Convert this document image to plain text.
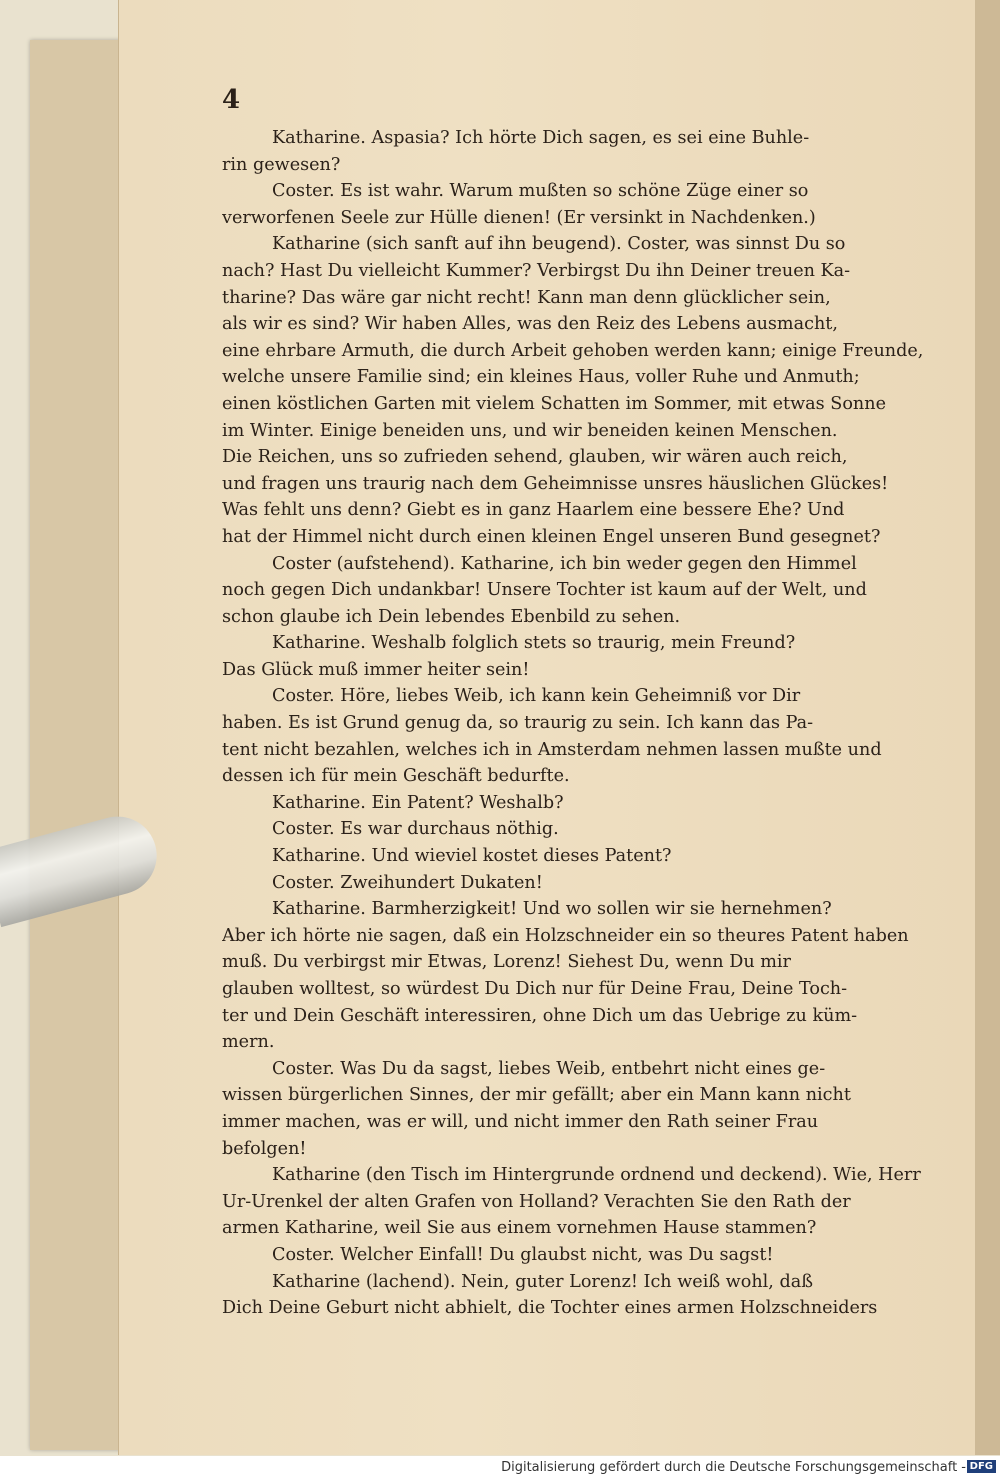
4
Katharine. Aspasia? Ich hörte Dich sagen, es sei eine Buhle-
rin gewesen?
Coster. Es ist wahr. Warum mußten so schöne Züge einer so
verworfenen Seele zur Hülle dienen! (Er versinkt in Nachdenken.)
Katharine (sich sanft auf ihn beugend). Coster, was sinnst Du so
nach? Hast Du vielleicht Kummer? Verbirgst Du ihn Deiner treuen Ka-
tharine? Das wäre gar nicht recht! Kann man denn glücklicher sein,
als wir es sind? Wir haben Alles, was den Reiz des Lebens ausmacht,
eine ehrbare Armuth, die durch Arbeit gehoben werden kann; einige Freunde,
welche unsere Familie sind; ein kleines Haus, voller Ruhe und Anmuth;
einen köstlichen Garten mit vielem Schatten im Sommer, mit etwas Sonne
im Winter. Einige beneiden uns, und wir beneiden keinen Menschen.
Die Reichen, uns so zufrieden sehend, glauben, wir wären auch reich,
und fragen uns traurig nach dem Geheimnisse unsres häuslichen Glückes!
Was fehlt uns denn? Giebt es in ganz Haarlem eine bessere Ehe? Und
hat der Himmel nicht durch einen kleinen Engel unseren Bund gesegnet?
Coster (aufstehend). Katharine, ich bin weder gegen den Himmel
noch gegen Dich undankbar! Unsere Tochter ist kaum auf der Welt, und
schon glaube ich Dein lebendes Ebenbild zu sehen.
Katharine. Weshalb folglich stets so traurig, mein Freund?
Das Glück muß immer heiter sein!
Coster. Höre, liebes Weib, ich kann kein Geheimniß vor Dir
haben. Es ist Grund genug da, so traurig zu sein. Ich kann das Pa-
tent nicht bezahlen, welches ich in Amsterdam nehmen lassen mußte und
dessen ich für mein Geschäft bedurfte.
Katharine. Ein Patent? Weshalb?
Coster. Es war durchaus nöthig.
Katharine. Und wieviel kostet dieses Patent?
Coster. Zweihundert Dukaten!
Katharine. Barmherzigkeit! Und wo sollen wir sie hernehmen?
Aber ich hörte nie sagen, daß ein Holzschneider ein so theures Patent haben
muß. Du verbirgst mir Etwas, Lorenz! Siehest Du, wenn Du mir
glauben wolltest, so würdest Du Dich nur für Deine Frau, Deine Toch-
ter und Dein Geschäft interessiren, ohne Dich um das Uebrige zu küm-
mern.
Coster. Was Du da sagst, liebes Weib, entbehrt nicht eines ge-
wissen bürgerlichen Sinnes, der mir gefällt; aber ein Mann kann nicht
immer machen, was er will, und nicht immer den Rath seiner Frau
befolgen!
Katharine (den Tisch im Hintergrunde ordnend und deckend). Wie, Herr
Ur-Urenkel der alten Grafen von Holland? Verachten Sie den Rath der
armen Katharine, weil Sie aus einem vornehmen Hause stammen?
Coster. Welcher Einfall! Du glaubst nicht, was Du sagst!
Katharine (lachend). Nein, guter Lorenz! Ich weiß wohl, daß
Dich Deine Geburt nicht abhielt, die Tochter eines armen Holzschneiders
Digitalisierung gefördert durch die Deutsche Forschungsgemeinschaft - DFG
